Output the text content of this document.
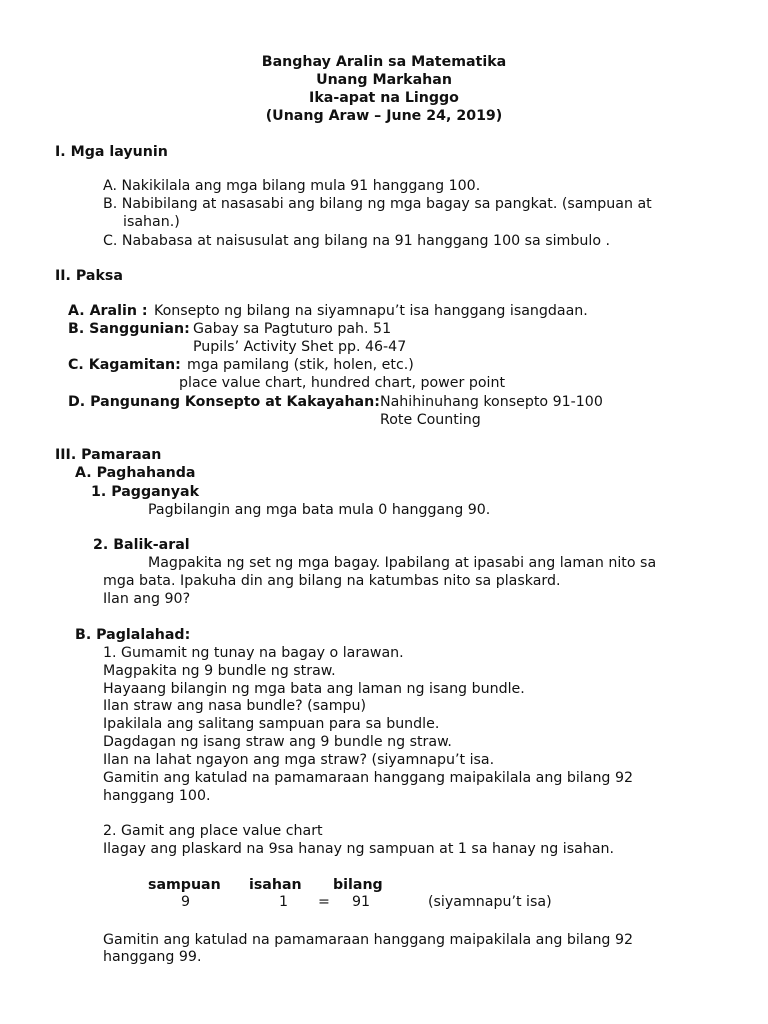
Banghay Aralin sa Matematika
Unang Markahan
Ika-apat na Linggo
(Unang Araw – June 24, 2019)
I. Mga layunin
A. Nakikilala ang mga bilang mula 91 hanggang 100.
B. Nabibilang at nasasabi ang bilang ng mga bagay sa pangkat. (sampuan at
isahan.)
C. Nababasa at naisusulat ang bilang na 91 hanggang 100 sa simbulo .
II. Paksa
A. Aralin : Konsepto ng bilang na siyamnapu’t isa hanggang isangdaan.
B. Sanggunian: Gabay sa Pagtuturo pah. 51
Pupils’ Activity Shet pp. 46-47
C. Kagamitan: mga pamilang (stik, holen, etc.)
place value chart, hundred chart, power point
D. Pangunang Konsepto at Kakayahan: Nahihinuhang konsepto 91-100
Rote Counting
III. Pamaraan
A. Paghahanda
1. Pagganyak
Pagbilangin ang mga bata mula 0 hanggang 90.
2. Balik-aral
Magpakita ng set ng mga bagay. Ipabilang at ipasabi ang laman nito sa
mga bata. Ipakuha din ang bilang na katumbas nito sa plaskard.
Ilan ang 90?
B. Paglalahad:
1. Gumamit ng tunay na bagay o larawan.
Magpakita ng 9 bundle ng straw.
Hayaang bilangin ng mga bata ang laman ng isang bundle.
Ilan straw ang nasa bundle? (sampu)
Ipakilala ang salitang sampuan para sa bundle.
Dagdagan ng isang straw ang 9 bundle ng straw.
Ilan na lahat ngayon ang mga straw? (siyamnapu’t isa.
Gamitin ang katulad na pamamaraan hanggang maipakilala ang bilang 92
hanggang 100.
2. Gamit ang place value chart
Ilagay ang plaskard na 9sa hanay ng sampuan at 1 sa hanay ng isahan.
sampuan isahan bilang
9	1 = 91	(siyamnapu’t isa)
Gamitin ang katulad na pamamaraan hanggang maipakilala ang bilang 92
hanggang 99.
